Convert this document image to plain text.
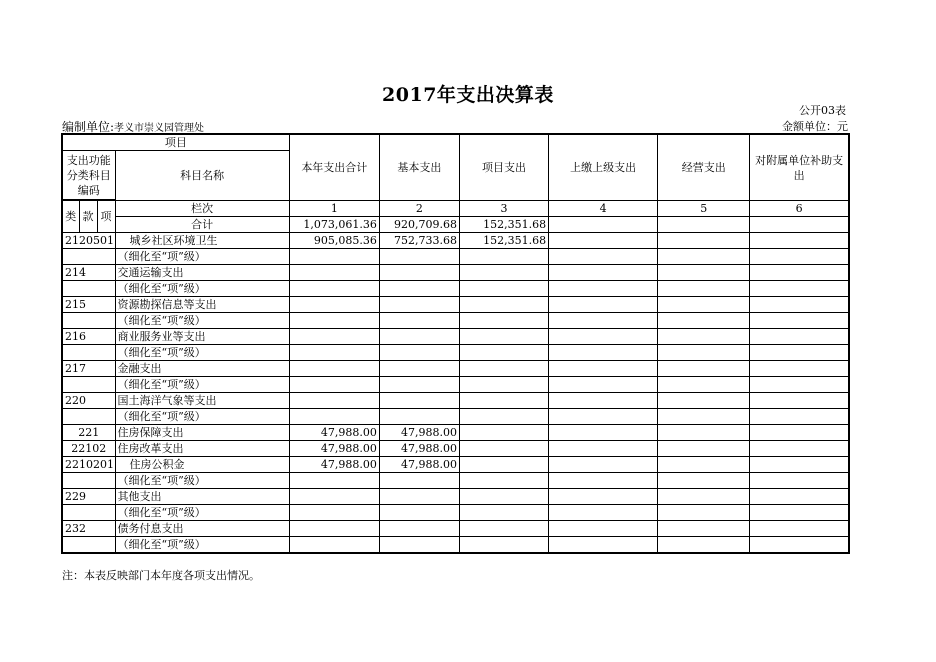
2017年支出决算表
公开03表
编制单位:孝义市崇义园管理处	金额单位：元
项目				本年支出合计	基本支出	项目支出	上缴上级支出	经营支出	对附属单位补助支出
支出功能分类科目编码			科目名称						

类	款	项	栏次	1	2	3	4	5	6
			合计	1,073,061.36	920,709.68	152,351.68			
2120501			城乡社区环境卫生	905,085.36	752,733.68	152,351.68			
			（细化至“项”级）						
214			交通运输支出						
			（细化至“项”级）						
215			资源勘探信息等支出						
			（细化至“项”级）						
216			商业服务业等支出						
			（细化至“项”级）						
217			金融支出						
			（细化至“项”级）						
220			国土海洋气象等支出						
			（细化至“项”级）						
221			住房保障支出	47,988.00	47,988.00				
22102			住房改革支出	47,988.00	47,988.00				
2210201			住房公积金	47,988.00	47,988.00				
			（细化至“项”级）						
229			其他支出						
			（细化至“项”级）						
232			债务付息支出						
			（细化至“项”级）						
注：本表反映部门本年度各项支出情况。
